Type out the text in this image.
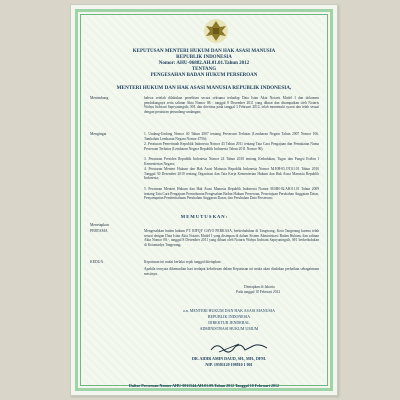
KEPUTUSAN MENTERI HUKUM DAN HAK ASASI MANUSIA
REPUBLIK INDONESIA
Nomor: AHU-06882.AH.01.01.Tahun 2012
TENTANG
PENGESAHAN BADAN HUKUM PERSEROAN
MENTERI HUKUM DAN HAK ASASI MANUSIA REPUBLIK INDONESIA,
Menimbang	bahwa setelah dilakukan penelitian secara seksama terhadap Data Isian Akta Notaris Model I dan dokumen pendukungnya serta salinan Akta Nomor 08.-, tanggal 8 Desember 2011 yang dibuat dan disampaikan oleh Notaris Wahyu Indriani Sapryaningsih, SH. dan diterima pada tanggal 3 Februari 2012, telah memenuhi syarat dan telah sesuai dengan peraturan perundang-undangan;
Mengingat	1. Undang-Undang Nomor 40 Tahun 2007 tentang Perseroan Terbatas (Lembaran Negara Tahun 2007 Nomor 106, Tambahan Lembaran Negara Nomor 4756);
2. Peraturan Pemerintah Republik Indonesia Nomor 43 Tahun 2011 tentang Tata Cara Pengajuan dan Pemakaian Nama Perseroan Terbatas (Lembaran Negara Republik Indonesia Tahun 2011 Nomor 96).
3. Peraturan Presiden Republik Indonesia Nomor 24 Tahun 2010 tentang Kedudukan, Tugas dan Fungsi Eselon I Kementerian Negara;
4. Peraturan Menteri Hukum dan Hak Asasi Manusia Republik Indonesia Nomor M.HH-05.OT.01.01 Tahun 2010 Tanggal 30 Desember 2010 tentang Organisasi dan Tata Kerja Kementerian Hukum dan Hak Asasi Manusia Republik Indonesia;
5. Peraturan Menteri Hukum dan Hak Asasi Manusia Republik Indonesia Nomor M.HH-02.AH.01.01 Tahun 2009 tentang Tata Cara Pengajuan Permohonan Pengesahan Badan Hukum Perseroan, Persetujuan Perubahan Anggaran Dasar, Penyampaian Pemberitahuan Perubahan Anggaran Dasar, dan Perubahan Data Perseroan;
M E M U T U S K A N :
Menetapkan
PERTAMA	Mengesahkan badan hukum PT. RIFQY GAYO PERKASA, berkedudukan di Tangerang, Kota Tangerang karena telah sesuai dengan Data Isian Akta Notaris Model I yang disimpan di dalam Sistem Administrasi Badan Hukum, dan salinan Akta Nomor 08.-, tanggal 8 Desember 2011 yang dibuat oleh Notaris Wahyu Indriani Sapryaningsih, SH. berkedudukan di Kotamadya Tangerang;
KEDUA	Keputusan ini mulai berlaku sejak tanggal ditetapkan.
Apabila ternyata dikemudian hari terdapat kekeliruan dalam Keputusan ini maka akan diadakan perbaikan sebagaimana mestinya.
Ditetapkan di Jakarta
Pada tanggal 10 Februari 2012
a.n. MENTERI HUKUM DAN HAK ASASI MANUSIA
REPUBLIK INDONESIA
DIREKTUR JENDERAL
ADMINISTRASI HUKUM UMUM
DR. AIDIR AMIN DAUD, SH., MH., DFM.
NIP. 19581120 198810 1 001
Daftar Perseroan Nomor AHU-0011544.AH.01.09.Tahun 2012 Tanggal 10 Februari 2012
